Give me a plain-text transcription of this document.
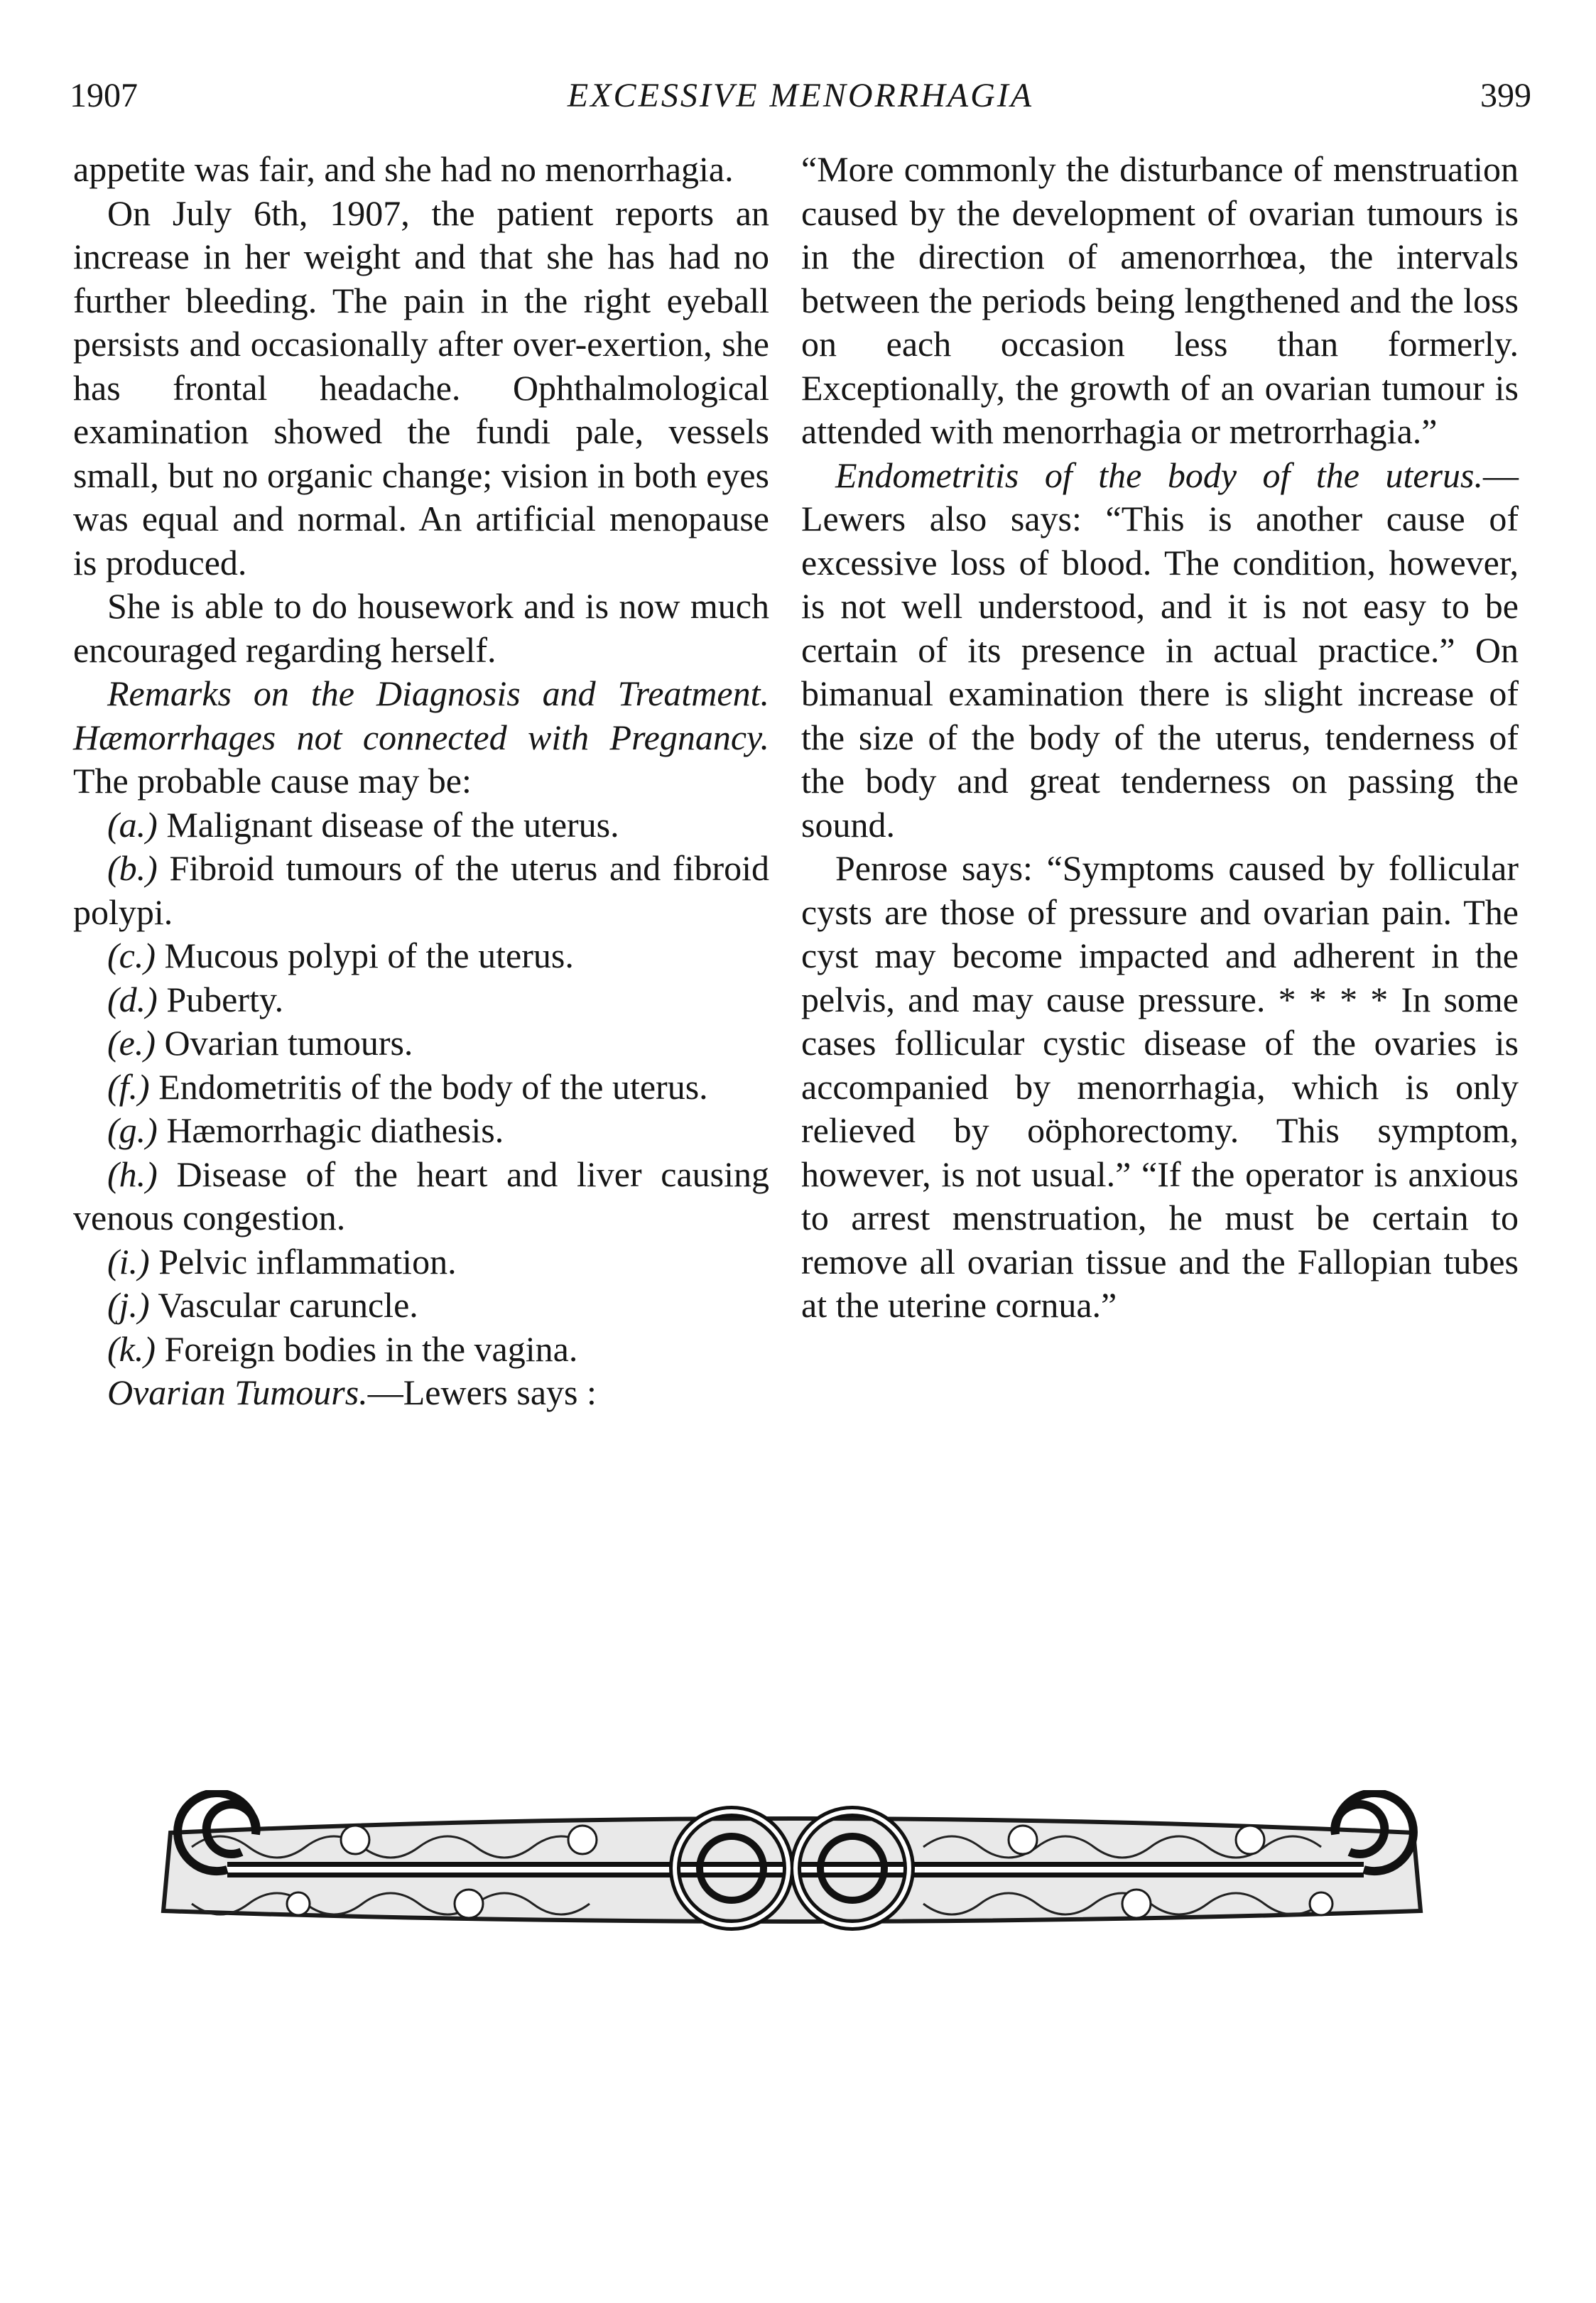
1907	EXCESSIVE MENORRHAGIA	399

appetite was fair, and she had no menorrhagia.

On July 6th, 1907, the patient reports an increase in her weight and that she has had no further bleeding. The pain in the right eyeball persists and occasionally after over-exertion, she has frontal headache. Ophthalmological examination showed the fundi pale, vessels small, but no organic change; vision in both eyes was equal and normal. An artificial menopause is produced.

She is able to do housework and is now much encouraged regarding herself.

Remarks on the Diagnosis and Treatment. Hæmorrhages not connected with Pregnancy. The probable cause may be:

(a.) Malignant disease of the uterus.

(b.) Fibroid tumours of the uterus and fibroid polypi.

(c.) Mucous polypi of the uterus.

(d.) Puberty.

(e.) Ovarian tumours.

(f.) Endometritis of the body of the uterus.

(g.) Hæmorrhagic diathesis.

(h.) Disease of the heart and liver causing venous congestion.

(i.) Pelvic inflammation.

(j.) Vascular caruncle.

(k.) Foreign bodies in the vagina.

Ovarian Tumours.—Lewers says :

“More commonly the disturbance of menstruation caused by the development of ovarian tumours is in the direction of amenorrhœa, the intervals between the periods being lengthened and the loss on each occasion less than formerly. Exceptionally, the growth of an ovarian tumour is attended with menorrhagia or metrorrhagia.”

Endometritis of the body of the uterus.—Lewers also says: “This is another cause of excessive loss of blood. The condition, however, is not well understood, and it is not easy to be certain of its presence in actual practice.” On bimanual examination there is slight increase of the size of the body of the uterus, tenderness of the body and great tenderness on passing the sound.

Penrose says: “Symptoms caused by follicular cysts are those of pressure and ovarian pain. The cyst may become impacted and adherent in the pelvis, and may cause pressure. * * * * In some cases follicular cystic disease of the ovaries is accompanied by menorrhagia, which is only relieved by oöphorectomy. This symptom, however, is not usual.” “If the operator is anxious to arrest menstruation, he must be certain to remove all ovarian tissue and the Fallopian tubes at the uterine cornua.”
